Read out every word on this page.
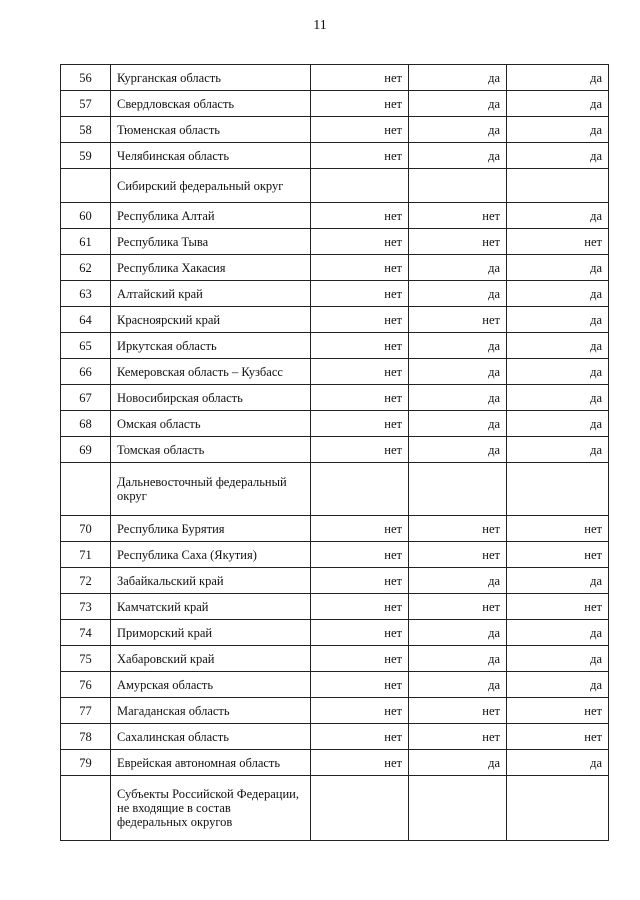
11
56	Курганская область	нет	да	да
57	Свердловская область	нет	да	да
58	Тюменская область	нет	да	да
59	Челябинская область	нет	да	да

	Сибирский федеральный округ			

60	Республика Алтай	нет	нет	да
61	Республика Тыва	нет	нет	нет
62	Республика Хакасия	нет	да	да
63	Алтайский край	нет	да	да
64	Красноярский край	нет	нет	да
65	Иркутская область	нет	да	да
66	Кемеровская область – Кузбасс	нет	да	да
67	Новосибирская область	нет	да	да
68	Омская область	нет	да	да
69	Томская область	нет	да	да

	Дальневосточный федеральный округ			

70	Республика Бурятия	нет	нет	нет
71	Республика Саха (Якутия)	нет	нет	нет
72	Забайкальский край	нет	да	да
73	Камчатский край	нет	нет	нет
74	Приморский край	нет	да	да
75	Хабаровский край	нет	да	да
76	Амурская область	нет	да	да
77	Магаданская область	нет	нет	нет
78	Сахалинская область	нет	нет	нет
79	Еврейская автономная область	нет	да	да

	Субъекты Российской Федерации, не входящие в состав федеральных округов			
